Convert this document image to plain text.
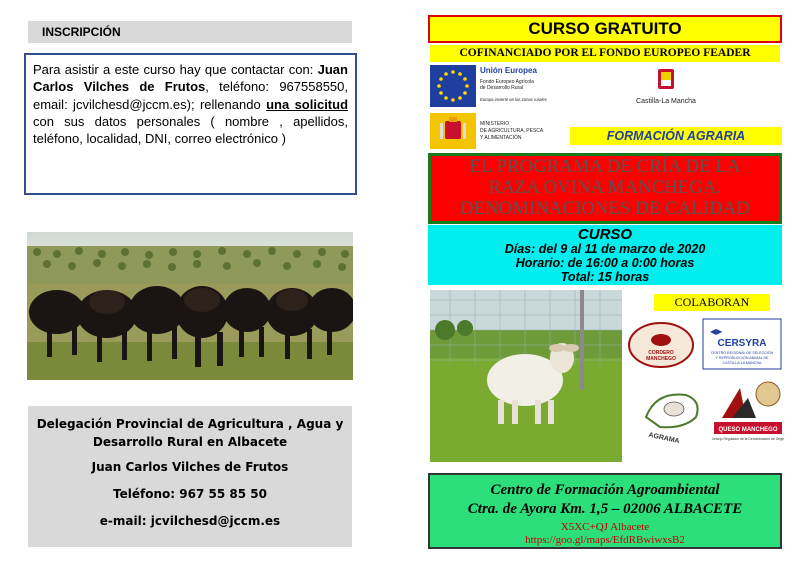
INSCRIPCIÓN
Para asistir a este curso hay que contactar con: Juan Carlos Vilches de Frutos, teléfono: 967558550, email: jcvilchesd@jccm.es); rellenando una solicitud con sus datos personales ( nombre , apellidos, teléfono, localidad, DNI, correo electrónico )
Delegación Provincial de Agricultura , Agua y
Desarrollo Rural en Albacete
Juan Carlos Vilches de Frutos
Teléfono: 967 55 85 50
e-mail: jcvilchesd@jccm.es
CURSO GRATUITO
COFINANCIADO POR EL FONDO EUROPEO FEADER
Unión Europea
Fondo Europeo Agrícola
de Desarrollo Rural
Europa invierte en las zonas rurales
MINISTERIO
DE AGRICULTURA, PESCA
Y ALIMENTACIÓN
Castilla-La Mancha
FORMACIÓN AGRARIA
EL PROGRAMA DE CRÍA DE LA
RAZA OVINA MANCHEGA.
DENOMINACIONES DE CALIDAD
CURSO
Días: del 9 al 11 de marzo de 2020
Horario: de 16:00 a 0:00 horas
Total: 15 horas
COLABORAN
CORDERO
MANCHEGO
◀▶
CERSYRA
CENTRO REGIONAL DE SELECCIÓN
Y REPRODUCCIÓN ANIMAL DE
CASTILLA-LA MANCHA
AGRAMA
QUESO MANCHEGO
Consejo Regulador de la Denominación de Origen
Centro de Formación Agroambiental
Ctra. de Ayora Km. 1,5 – 02006 ALBACETE
X5XC+QJ Albacete
https://goo.gl/maps/EfdRBwiwxsB2
